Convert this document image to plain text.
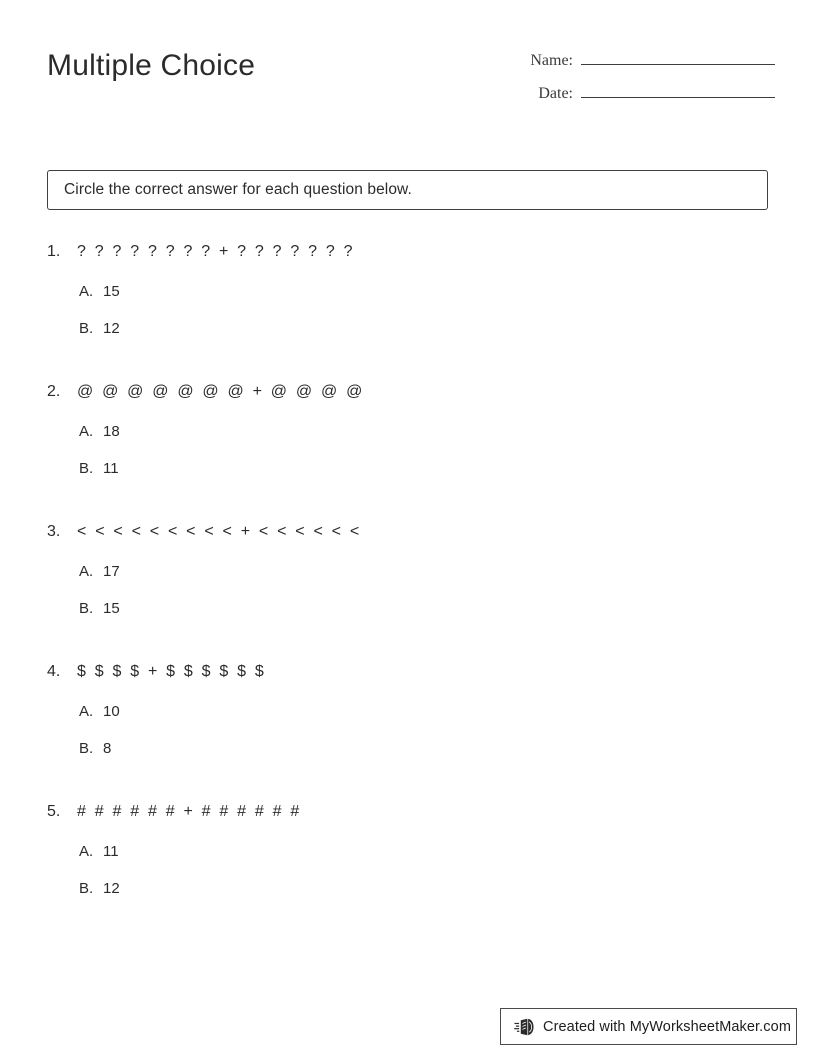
Multiple Choice	Name:
Date:
Circle the correct answer for each question below.
1.	? ? ? ? ? ? ? ? + ? ? ? ? ? ? ?
A. 15
B. 12
2.	@ @ @ @ @ @ @ + @ @ @ @
A. 18
B. 11
3.	< < < < < < < < < + < < < < < <
A. 17
B. 15
4.	$ $ $ $ + $ $ $ $ $ $
A. 10
B. 8
5.	# # # # # # + # # # # # #
A. 11
B. 12
Created with MyWorksheetMaker.com
